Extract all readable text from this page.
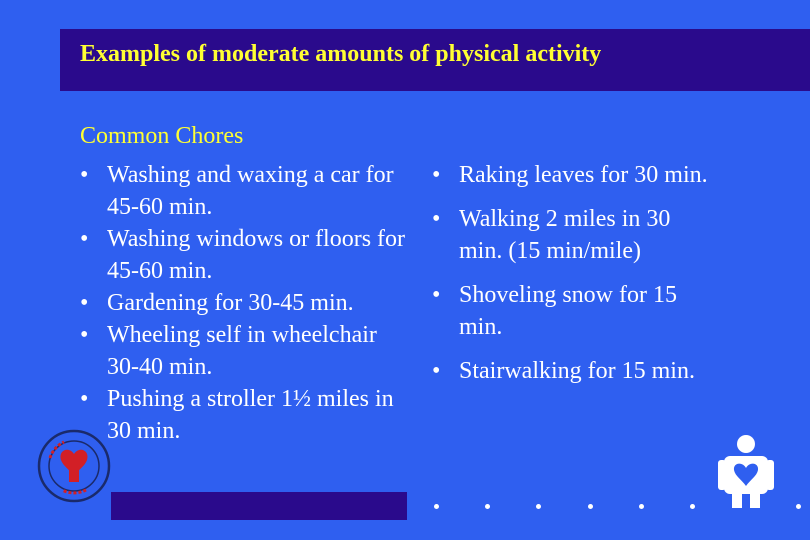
Examples of moderate amounts of physical activity
Common Chores
• Washing and waxing a car for 45-60 min.
• Washing windows or floors for 45-60 min.
• Gardening for 30-45 min.
• Wheeling self in wheelchair 30-40 min.
• Pushing a stroller 1½ miles in 30 min.
• Raking leaves for 30 min.
• Walking 2 miles in 30
min. (15 min/mile)
• Shoveling snow for 15
min.
• Stairwalking for 15 min.
